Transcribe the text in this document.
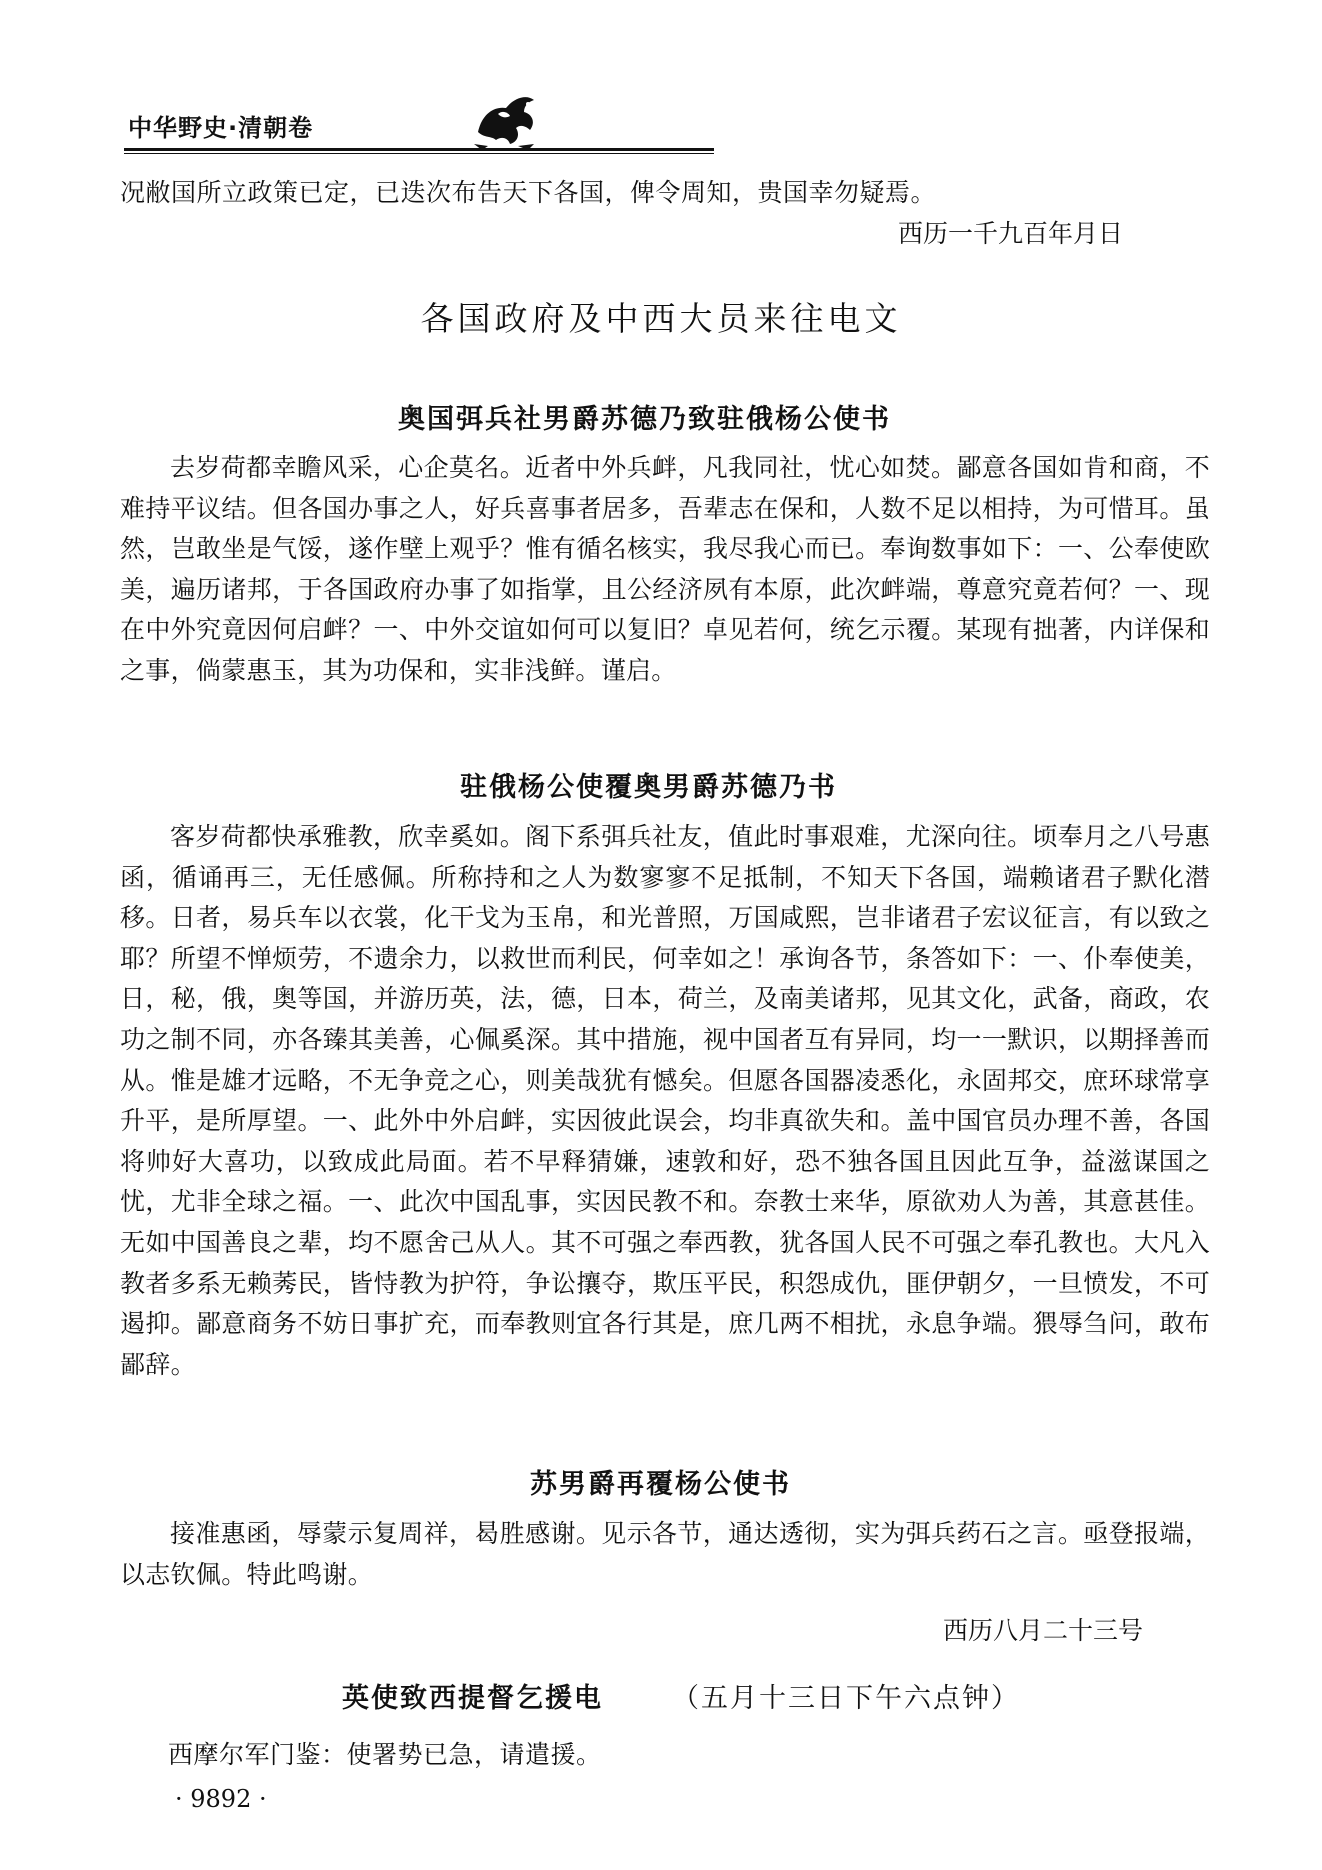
中华野史·清朝卷
况敝国所立政策已定，已迭次布告天下各国，俾令周知，贵国幸勿疑焉。
西历一千九百年月日
各国政府及中西大员来往电文
奥国弭兵社男爵苏德乃致驻俄杨公使书
去岁荷都幸瞻风采，心企莫名。近者中外兵衅，凡我同社，忧心如焚。鄙意各国如肯和商，不难持平议结。但各国办事之人，好兵喜事者居多，吾辈志在保和，人数不足以相持，为可惜耳。虽然，岂敢坐是气馁，遂作壁上观乎？惟有循名核实，我尽我心而已。奉询数事如下：一、公奉使欧美，遍历诸邦，于各国政府办事了如指掌，且公经济夙有本原，此次衅端，尊意究竟若何？一、现在中外究竟因何启衅？一、中外交谊如何可以复旧？卓见若何，统乞示覆。某现有拙著，内详保和之事，倘蒙惠玉，其为功保和，实非浅鲜。谨启。
驻俄杨公使覆奥男爵苏德乃书
客岁荷都快承雅教，欣幸奚如。阁下系弭兵社友，值此时事艰难，尤深向往。顷奉月之八号惠函，循诵再三，无任感佩。所称持和之人为数寥寥不足抵制，不知天下各国，端赖诸君子默化潜移。日者，易兵车以衣裳，化干戈为玉帛，和光普照，万国咸熙，岂非诸君子宏议征言，有以致之耶？所望不惮烦劳，不遗余力，以救世而利民，何幸如之！承询各节，条答如下：一、仆奉使美，日，秘，俄，奥等国，并游历英，法，德，日本，荷兰，及南美诸邦，见其文化，武备，商政，农功之制不同，亦各臻其美善，心佩奚深。其中措施，视中国者互有异同，均一一默识，以期择善而从。惟是雄才远略，不无争竞之心，则美哉犹有憾矣。但愿各国器凌悉化，永固邦交，庶环球常享升平，是所厚望。一、此外中外启衅，实因彼此误会，均非真欲失和。盖中国官员办理不善，各国将帅好大喜功，以致成此局面。若不早释猜嫌，速敦和好，恐不独各国且因此互争，益滋谋国之忧，尤非全球之福。一、此次中国乱事，实因民教不和。奈教士来华，原欲劝人为善，其意甚佳。无如中国善良之辈，均不愿舍己从人。其不可强之奉西教，犹各国人民不可强之奉孔教也。大凡入教者多系无赖莠民，皆恃教为护符，争讼攘夺，欺压平民，积怨成仇，匪伊朝夕，一旦愤发，不可遏抑。鄙意商务不妨日事扩充，而奉教则宜各行其是，庶几两不相扰，永息争端。猥辱刍问，敢布鄙辞。
苏男爵再覆杨公使书
接准惠函，辱蒙示复周祥，曷胜感谢。见示各节，通达透彻，实为弭兵药石之言。亟登报端，以志钦佩。特此鸣谢。
西历八月二十三号
英使致西提督乞援电	（五月十三日下午六点钟）
西摩尔军门鉴：使署势已急，请遣援。
· 9892 ·
